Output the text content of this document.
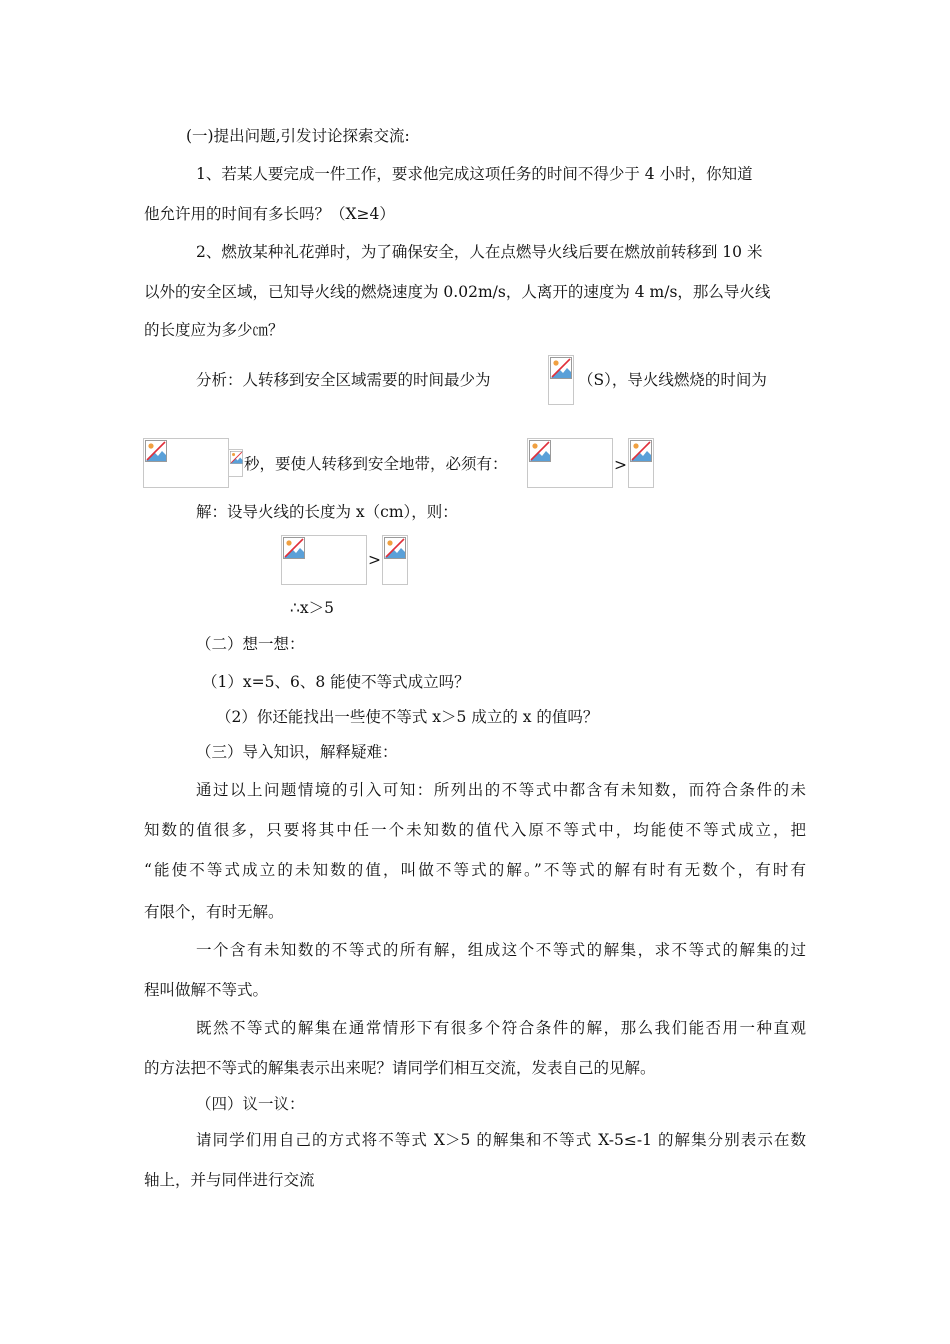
(一)提出问题,引发讨论探索交流:
1、若某人要完成一件工作，要求他完成这项任务的时间不得少于 4 小时，你知道
他允许用的时间有多长吗？（X≥4）
2、燃放某种礼花弹时，为了确保安全，人在点燃导火线后要在燃放前转移到 10 米
以外的安全区域，已知导火线的燃烧速度为 0.02m/s，人离开的速度为 4 m/s，那么导火线
的长度应为多少㎝？
分析：人转移到安全区域需要的时间最少为	（S），导火线燃烧的时间为
秒，要使人转移到安全地带，必须有：	>
解：设导火线的长度为 x（cm），则：
>
∴x＞5
（二）想一想：
（1）x=5、6、8 能使不等式成立吗？
（2）你还能找出一些使不等式 x＞5 成立的 x 的值吗？
（三）导入知识，解释疑难：
通过以上问题情境的引入可知：所列出的不等式中都含有未知数，而符合条件的未
知数的值很多，只要将其中任一个未知数的值代入原不等式中，均能使不等式成立，把
“能使不等式成立的未知数的值，叫做不等式的解。”不等式的解有时有无数个，有时有
有限个，有时无解。
一个含有未知数的不等式的所有解，组成这个不等式的解集，求不等式的解集的过
程叫做解不等式。
既然不等式的解集在通常情形下有很多个符合条件的解，那么我们能否用一种直观
的方法把不等式的解集表示出来呢？请同学们相互交流，发表自己的见解。
（四）议一议：
请同学们用自己的方式将不等式 X＞5 的解集和不等式 X-5≤-1 的解集分别表示在数
轴上，并与同伴进行交流
